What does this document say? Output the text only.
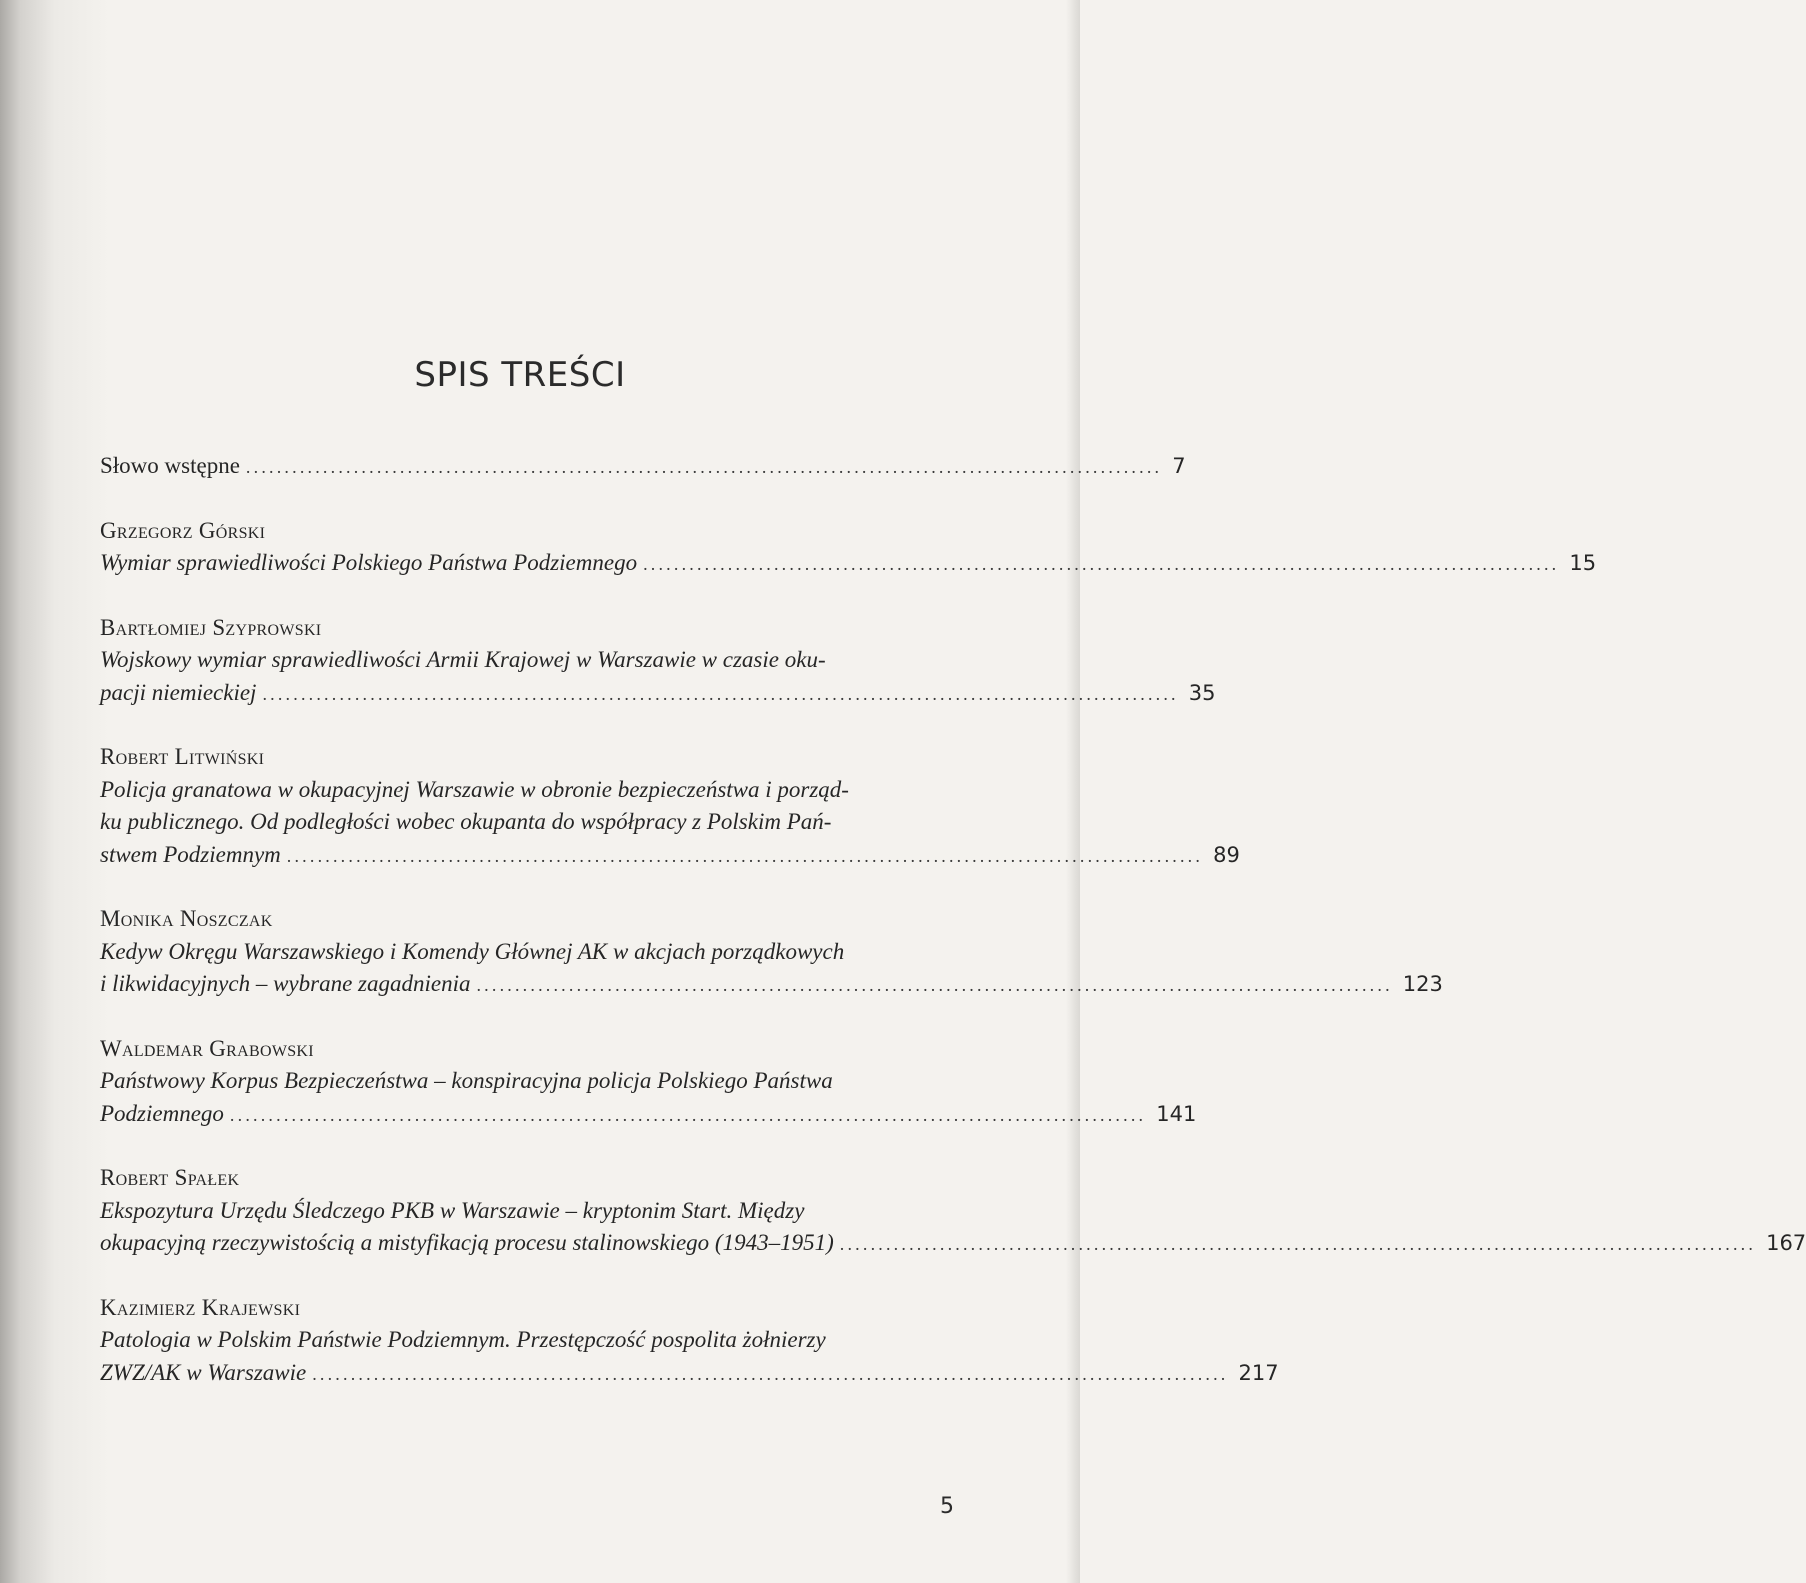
SPIS TREŚCI
Słowo wstępne ....................................................................................................................... 7
Grzegorz Górski
Wymiar sprawiedliwości Polskiego Państwa Podziemnego ....................................................................................................................... 15
Bartłomiej Szyprowski
Wojskowy wymiar sprawiedliwości Armii Krajowej w Warszawie w czasie oku-
pacji niemieckiej ....................................................................................................................... 35
Robert Litwiński
Policja granatowa w okupacyjnej Warszawie w obronie bezpieczeństwa i porząd-
ku publicznego. Od podległości wobec okupanta do współpracy z Polskim Pań-
stwem Podziemnym ....................................................................................................................... 89
Monika Noszczak
Kedyw Okręgu Warszawskiego i Komendy Głównej AK w akcjach porządkowych
i likwidacyjnych – wybrane zagadnienia ....................................................................................................................... 123
Waldemar Grabowski
Państwowy Korpus Bezpieczeństwa – konspiracyjna policja Polskiego Państwa
Podziemnego ....................................................................................................................... 141
Robert Spałek
Ekspozytura Urzędu Śledczego PKB w Warszawie – kryptonim Start. Między
okupacyjną rzeczywistością a mistyfikacją procesu stalinowskiego (1943–1951) ....................................................................................................................... 167
Kazimierz Krajewski
Patologia w Polskim Państwie Podziemnym. Przestępczość pospolita żołnierzy
ZWZ/AK w Warszawie ....................................................................................................................... 217
5
